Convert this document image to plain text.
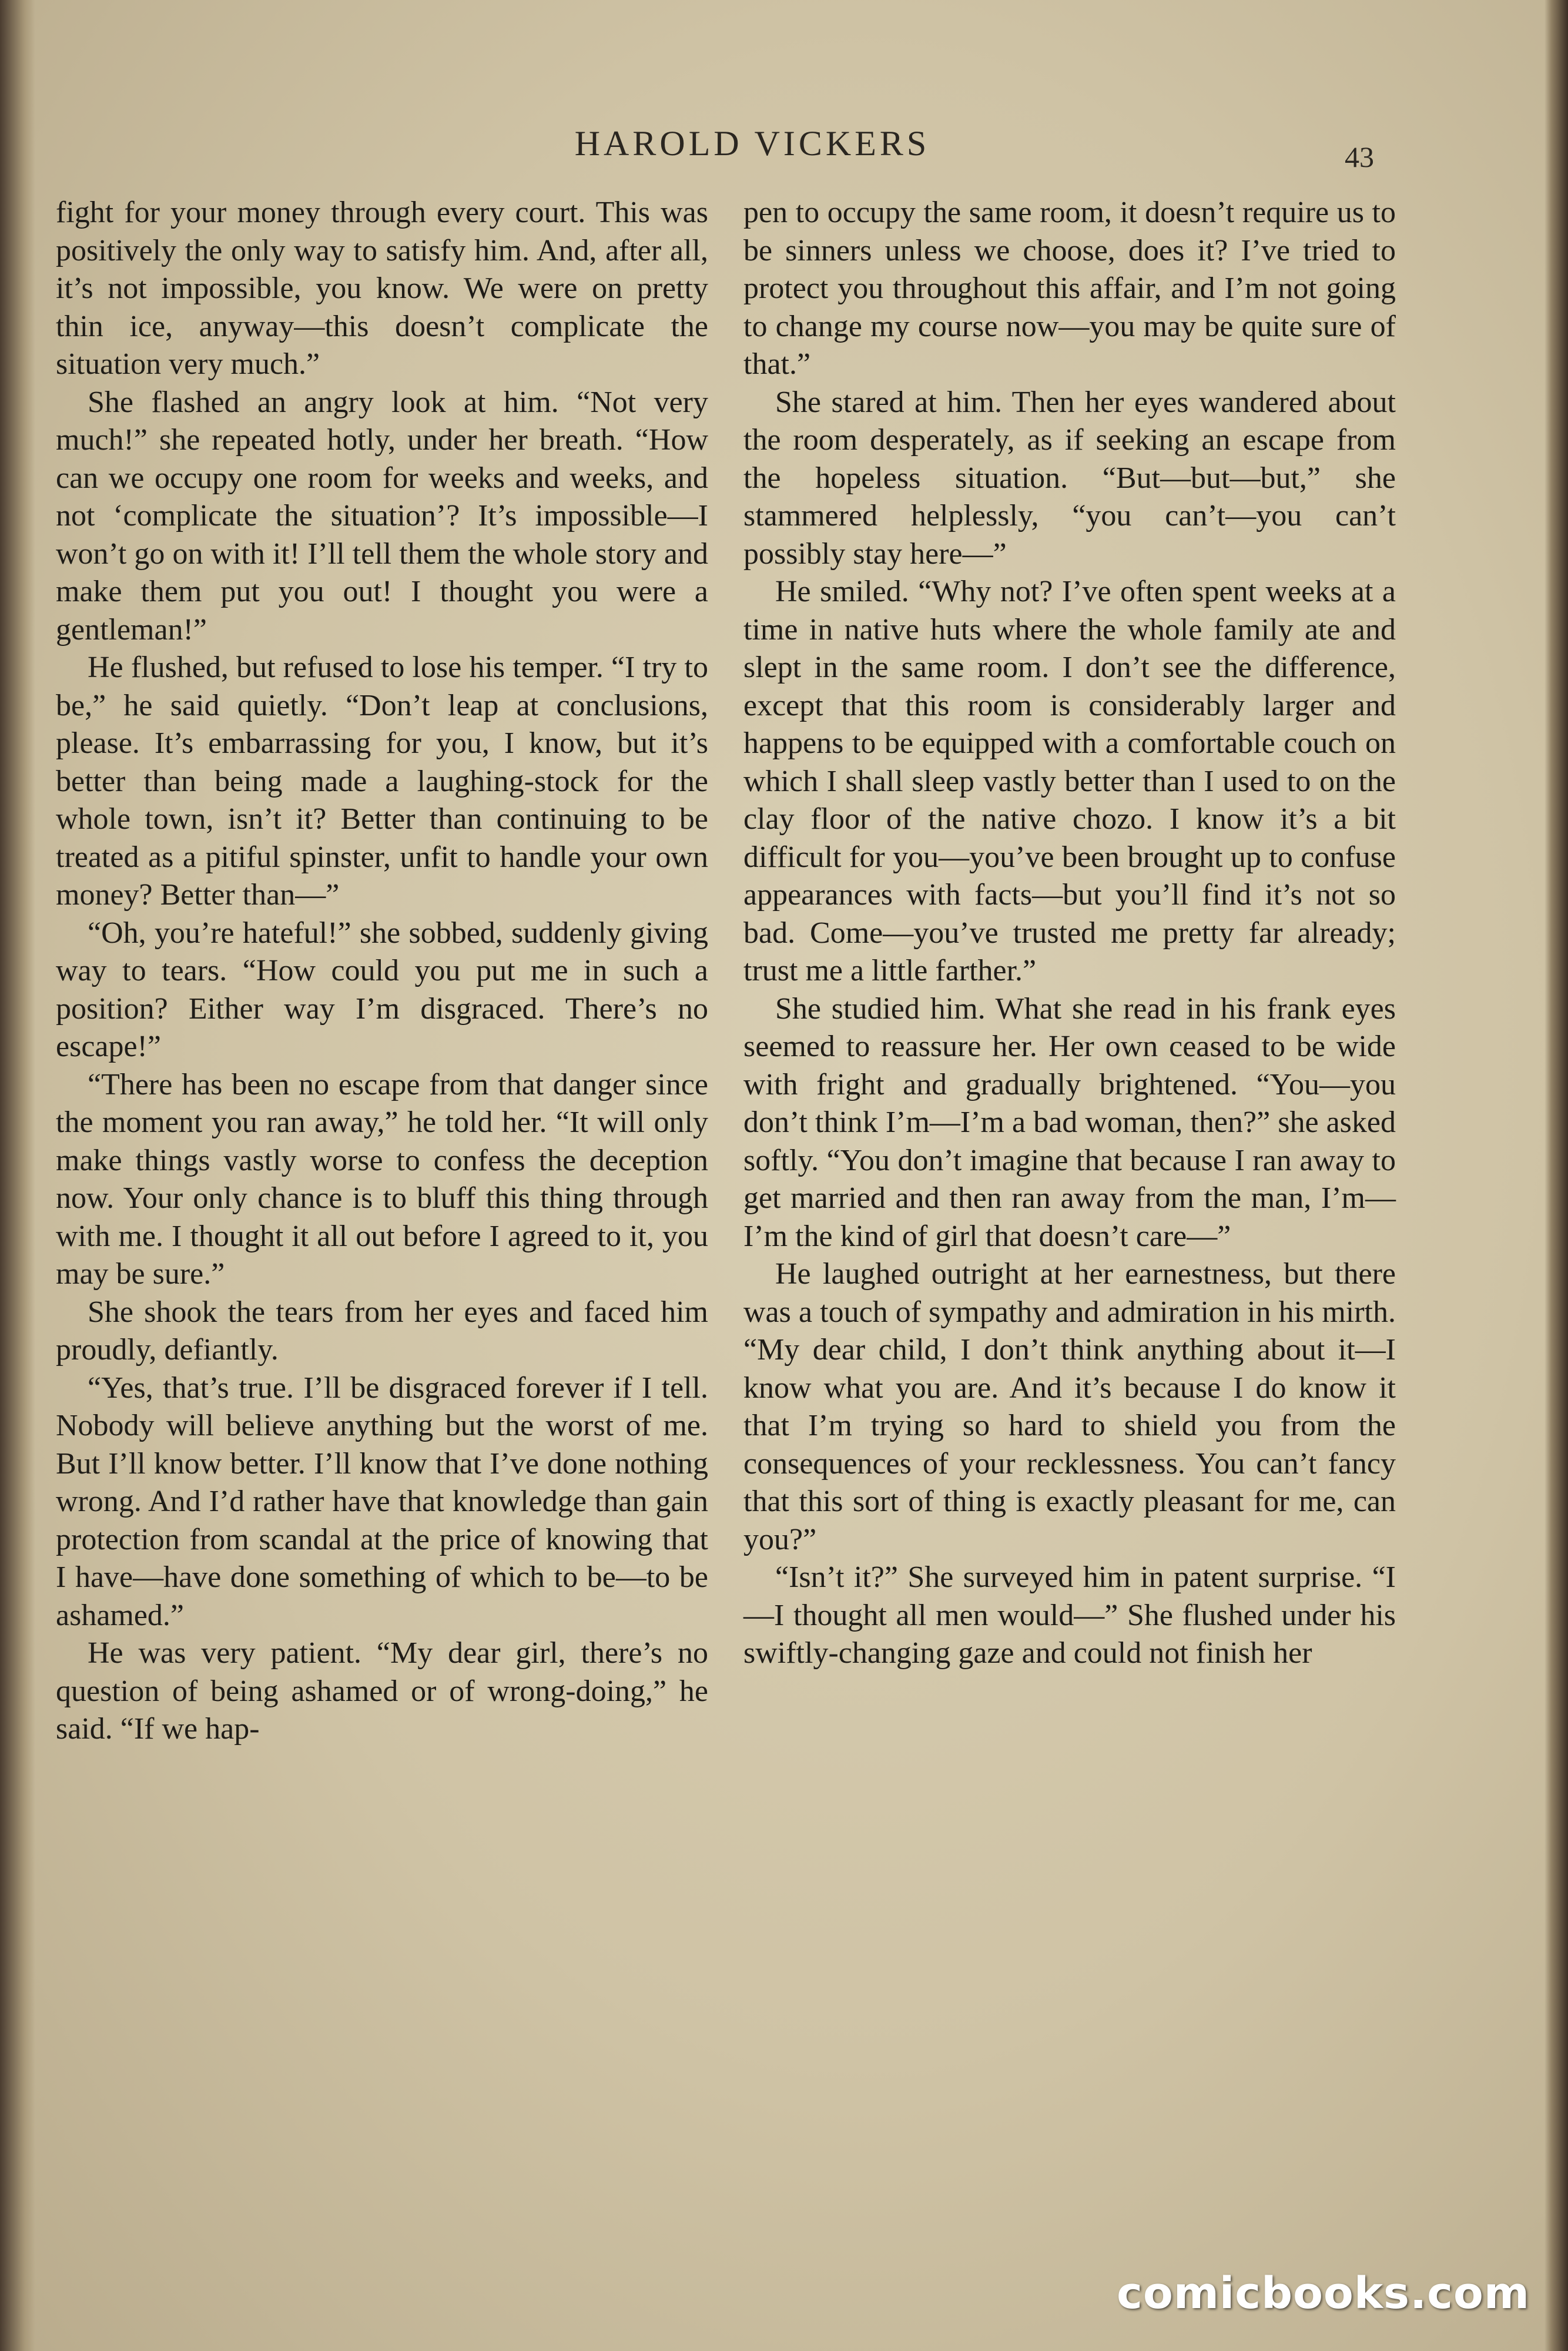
HAROLD VICKERS	43

fight for your money through every court. This was positively the only way to satisfy him. And, after all, it’s not impossible, you know. We were on pretty thin ice, anyway—this doesn’t complicate the situation very much.”

She flashed an angry look at him. “Not very much!” she repeated hotly, under her breath. “How can we occupy one room for weeks and weeks, and not ‘complicate the situation’? It’s impossible—I won’t go on with it! I’ll tell them the whole story and make them put you out! I thought you were a gentleman!”

He flushed, but refused to lose his temper. “I try to be,” he said quietly. “Don’t leap at conclusions, please. It’s embarrassing for you, I know, but it’s better than being made a laughing-stock for the whole town, isn’t it? Better than continuing to be treated as a pitiful spinster, unfit to handle your own money? Better than—”

“Oh, you’re hateful!” she sobbed, suddenly giving way to tears. “How could you put me in such a position? Either way I’m disgraced. There’s no escape!”

“There has been no escape from that danger since the moment you ran away,” he told her. “It will only make things vastly worse to confess the deception now. Your only chance is to bluff this thing through with me. I thought it all out before I agreed to it, you may be sure.”

She shook the tears from her eyes and faced him proudly, defiantly.

“Yes, that’s true. I’ll be disgraced forever if I tell. Nobody will believe anything but the worst of me. But I’ll know better. I’ll know that I’ve done nothing wrong. And I’d rather have that knowledge than gain protection from scandal at the price of knowing that I have—have done something of which to be—to be ashamed.”

He was very patient. “My dear girl, there’s no question of being ashamed or of wrong-doing,” he said. “If we hap-

pen to occupy the same room, it doesn’t require us to be sinners unless we choose, does it? I’ve tried to protect you throughout this affair, and I’m not going to change my course now—you may be quite sure of that.”

She stared at him. Then her eyes wandered about the room desperately, as if seeking an escape from the hopeless situation. “But—but—but,” she stammered helplessly, “you can’t—you can’t possibly stay here—”

He smiled. “Why not? I’ve often spent weeks at a time in native huts where the whole family ate and slept in the same room. I don’t see the difference, except that this room is considerably larger and happens to be equipped with a comfortable couch on which I shall sleep vastly better than I used to on the clay floor of the native chozo. I know it’s a bit difficult for you—you’ve been brought up to confuse appearances with facts—but you’ll find it’s not so bad. Come—you’ve trusted me pretty far already; trust me a little farther.”

She studied him. What she read in his frank eyes seemed to reassure her. Her own ceased to be wide with fright and gradually brightened. “You—you don’t think I’m—I’m a bad woman, then?” she asked softly. “You don’t imagine that because I ran away to get married and then ran away from the man, I’m—I’m the kind of girl that doesn’t care—”

He laughed outright at her earnestness, but there was a touch of sympathy and admiration in his mirth. “My dear child, I don’t think anything about it—I know what you are. And it’s because I do know it that I’m trying so hard to shield you from the consequences of your recklessness. You can’t fancy that this sort of thing is exactly pleasant for me, can you?”

“Isn’t it?” She surveyed him in patent surprise. “I—I thought all men would—” She flushed under his swiftly-changing gaze and could not finish her

comicbooks.com
